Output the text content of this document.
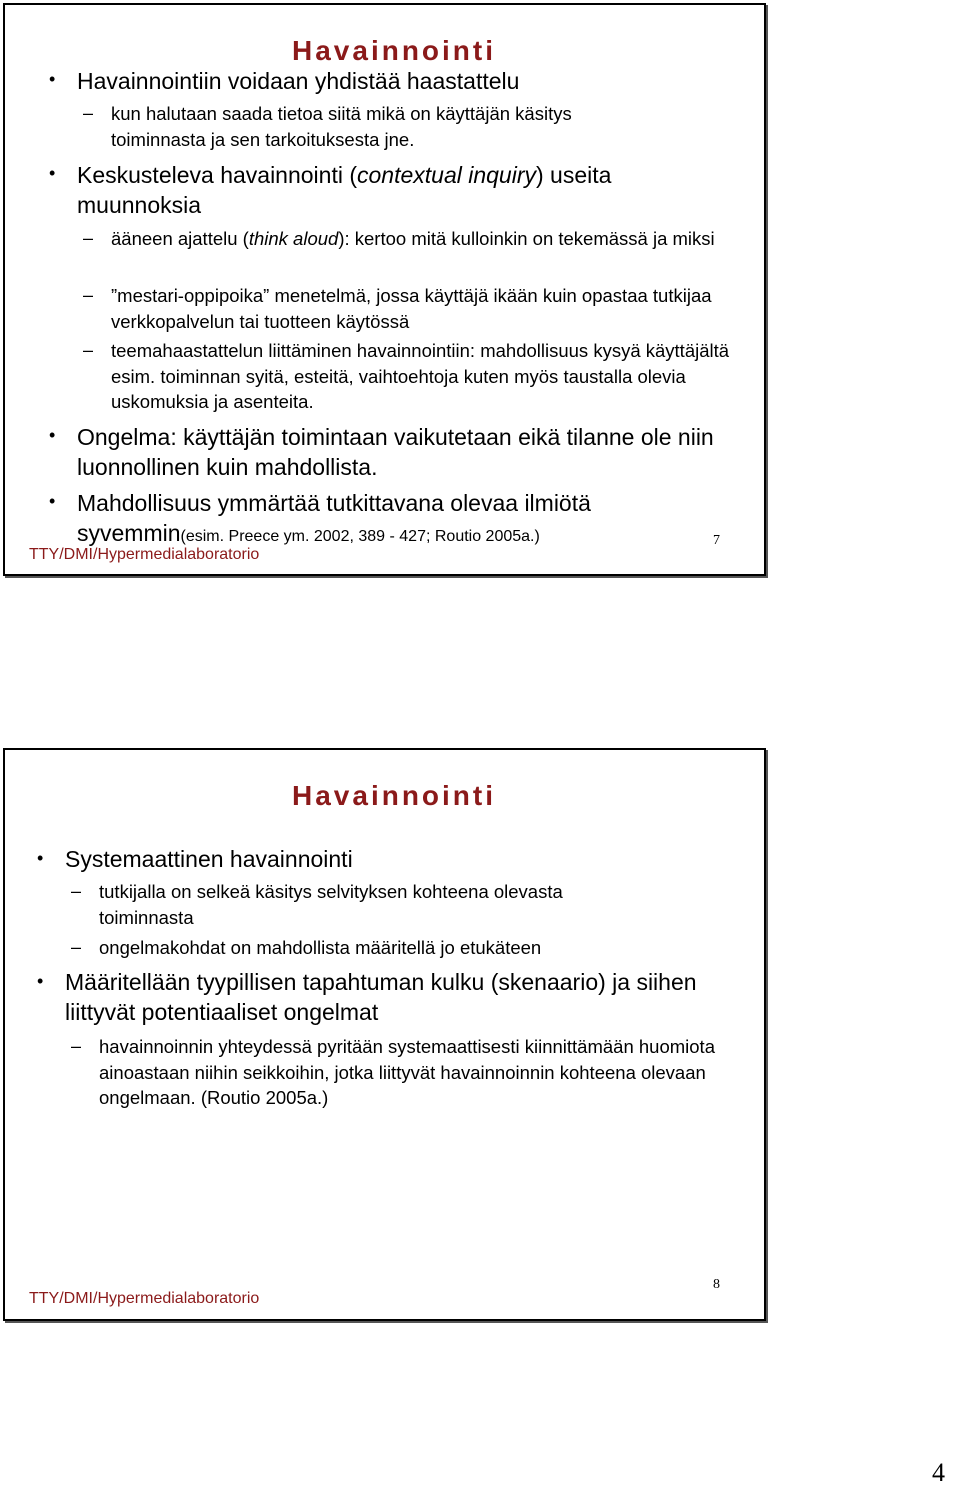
Havainnointi
• Havainnointiin voidaan yhdistää haastattelu
– kun halutaan saada tietoa siitä mikä on käyttäjän käsitys toiminnasta ja sen tarkoituksesta jne.
• Keskusteleva havainnointi (contextual inquiry) useita muunnoksia
– ääneen ajattelu (think aloud): kertoo mitä kulloinkin on tekemässä ja miksi
– ”mestari-oppipoika” menetelmä, jossa käyttäjä ikään kuin opastaa tutkijaa verkkopalvelun tai tuotteen käytössä
– teemahaastattelun liittäminen havainnointiin: mahdollisuus kysyä käyttäjältä esim. toiminnan syitä, esteitä, vaihtoehtoja kuten myös taustalla olevia uskomuksia ja asenteita.
• Ongelma: käyttäjän toimintaan vaikutetaan eikä tilanne ole niin luonnollinen kuin mahdollista.
• Mahdollisuus ymmärtää tutkittavana olevaa ilmiötä syvemmin(esim. Preece ym. 2002, 389 - 427; Routio 2005a.)
TTY/DMI/Hypermedialaboratorio
7
Havainnointi
• Systemaattinen havainnointi
– tutkijalla on selkeä käsitys selvityksen kohteena olevasta toiminnasta
– ongelmakohdat on mahdollista määritellä jo etukäteen
• Määritellään tyypillisen tapahtuman kulku (skenaario) ja siihen liittyvät potentiaaliset ongelmat
– havainnoinnin yhteydessä pyritään systemaattisesti kiinnittämään huomiota ainoastaan niihin seikkoihin, jotka liittyvät havainnoinnin kohteena olevaan ongelmaan. (Routio 2005a.)
TTY/DMI/Hypermedialaboratorio
8
4
